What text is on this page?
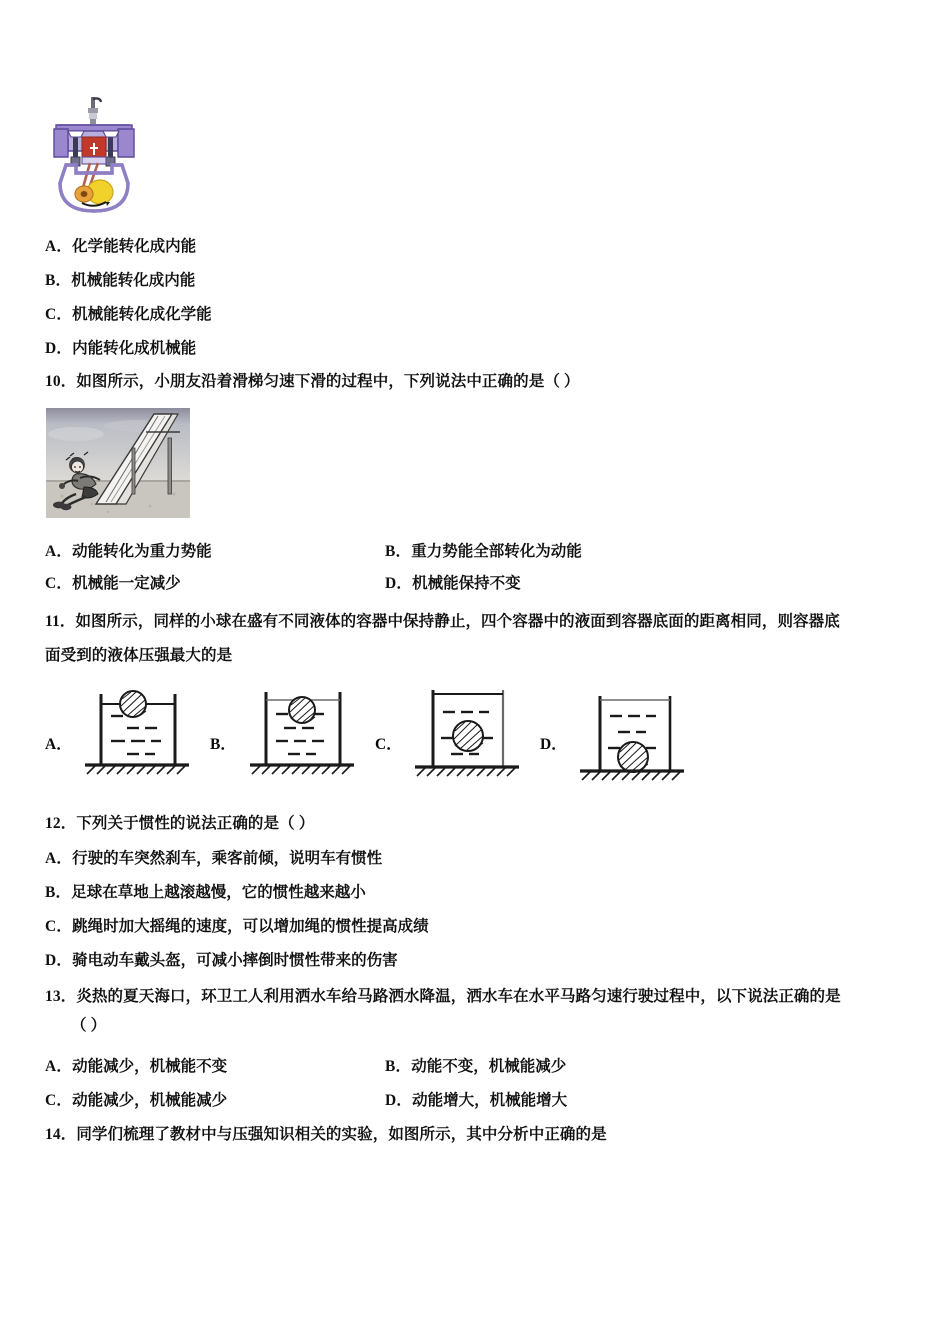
A．化学能转化成内能
B．机械能转化成内能
C．机械能转化成化学能
D．内能转化成机械能
10．如图所示，小朋友沿着滑梯匀速下滑的过程中，下列说法中正确的是（ ）
A．动能转化为重力势能	B．重力势能全部转化为动能
C．机械能一定减少	D．机械能保持不变
11．如图所示，同样的小球在盛有不同液体的容器中保持静止，四个容器中的液面到容器底面的距离相同，则容器底
面受到的液体压强最大的是
A．	B．	C．	D．
12．下列关于惯性的说法正确的是（ ）
A．行驶的车突然刹车，乘客前倾，说明车有惯性
B．足球在草地上越滚越慢，它的惯性越来越小
C．跳绳时加大摇绳的速度，可以增加绳的惯性提高成绩
D．骑电动车戴头盔，可减小摔倒时惯性带来的伤害
13．炎热的夏天海口，环卫工人利用洒水车给马路洒水降温，洒水车在水平马路匀速行驶过程中，以下说法正确的是
（ ）
A．动能减少，机械能不变	B．动能不变，机械能减少
C．动能减少，机械能减少	D．动能增大，机械能增大
14．同学们梳理了教材中与压强知识相关的实验，如图所示，其中分析中正确的是
